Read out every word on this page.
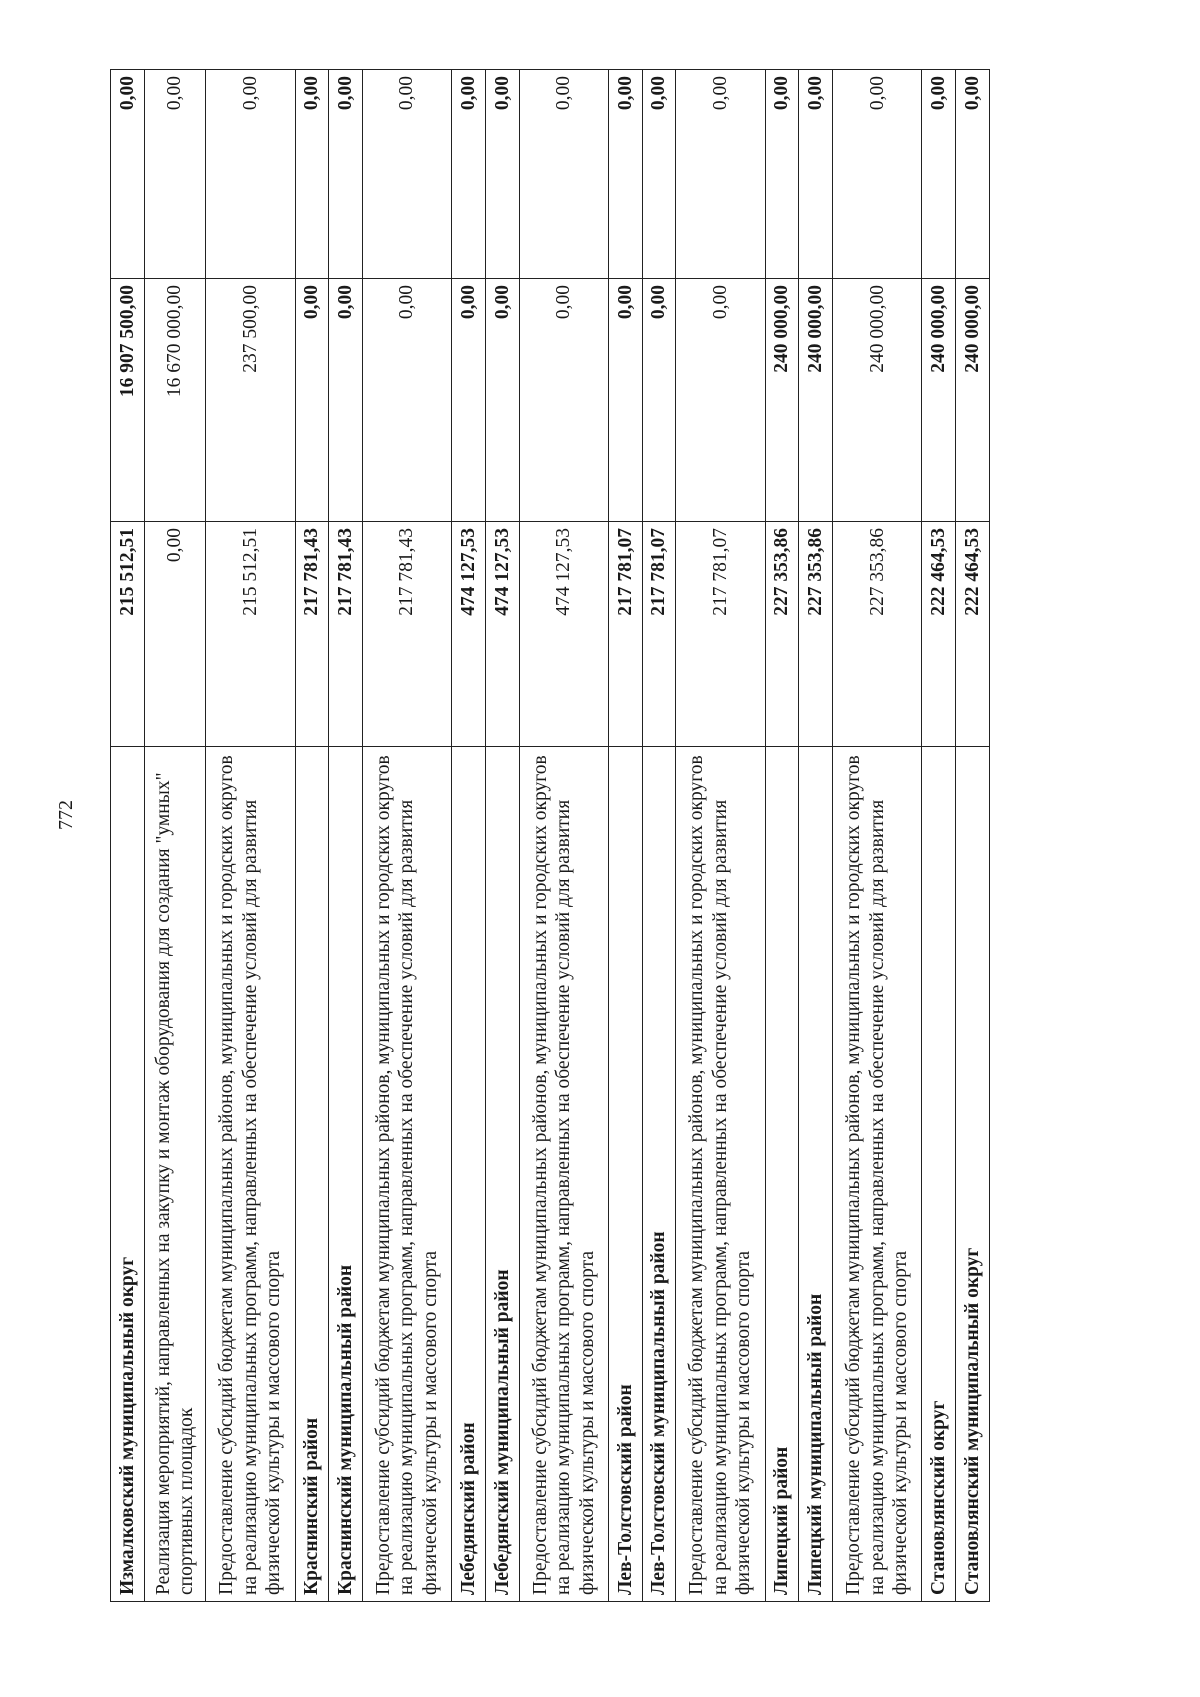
772
Измалковский муниципальный округ	215 512,51	16 907 500,00	0,00
Реализация мероприятий, направленных на закупку и монтаж оборудования для создания "умных" спортивных площадок	0,00	16 670 000,00	0,00
Предоставление субсидий бюджетам муниципальных районов, муниципальных и городских округов на реализацию муниципальных программ, направленных на обеспечение условий для развития физической культуры и массового спорта	215 512,51	237 500,00	0,00
Краснинский район	217 781,43	0,00	0,00
Краснинский муниципальный район	217 781,43	0,00	0,00
Предоставление субсидий бюджетам муниципальных районов, муниципальных и городских округов на реализацию муниципальных программ, направленных на обеспечение условий для развития физической культуры и массового спорта	217 781,43	0,00	0,00
Лебедянский район	474 127,53	0,00	0,00
Лебедянский муниципальный район	474 127,53	0,00	0,00
Предоставление субсидий бюджетам муниципальных районов, муниципальных и городских округов на реализацию муниципальных программ, направленных на обеспечение условий для развития физической культуры и массового спорта	474 127,53	0,00	0,00
Лев-Толстовский район	217 781,07	0,00	0,00
Лев-Толстовский муниципальный район	217 781,07	0,00	0,00
Предоставление субсидий бюджетам муниципальных районов, муниципальных и городских округов на реализацию муниципальных программ, направленных на обеспечение условий для развития физической культуры и массового спорта	217 781,07	0,00	0,00
Липецкий район	227 353,86	240 000,00	0,00
Липецкий муниципальный район	227 353,86	240 000,00	0,00
Предоставление субсидий бюджетам муниципальных районов, муниципальных и городских округов на реализацию муниципальных программ, направленных на обеспечение условий для развития физической культуры и массового спорта	227 353,86	240 000,00	0,00
Становлянский округ	222 464,53	240 000,00	0,00
Становлянский муниципальный округ	222 464,53	240 000,00	0,00
